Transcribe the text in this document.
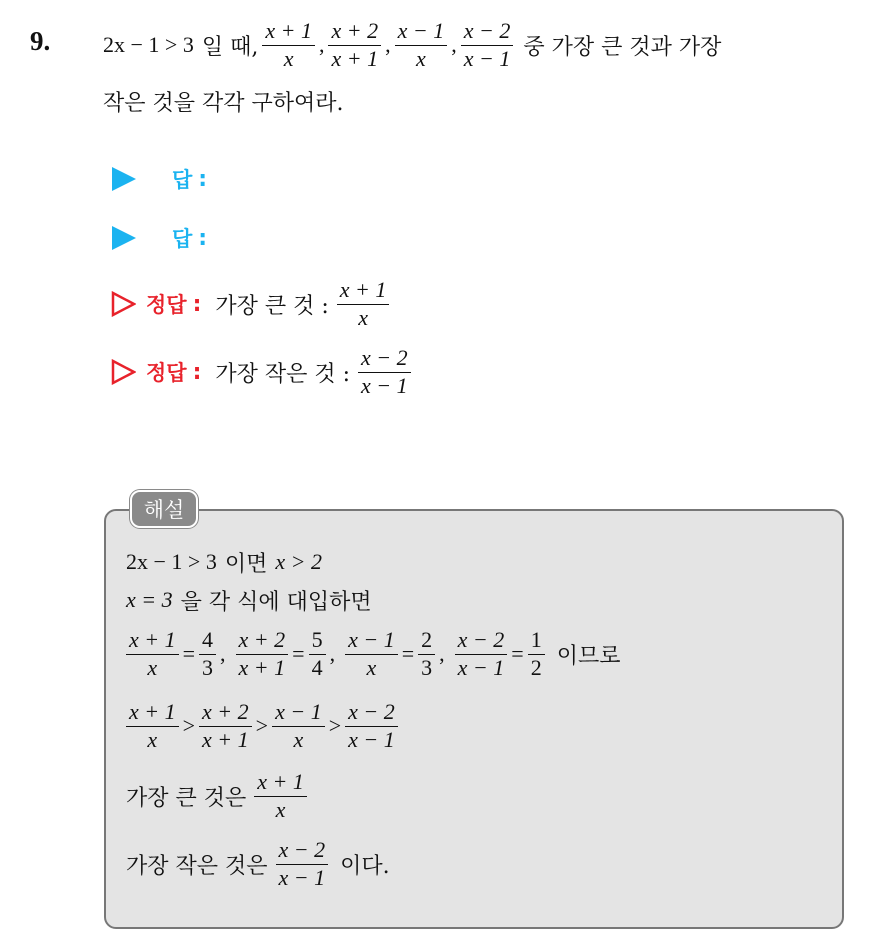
9. 2x − 1 > 3 일 때, $\frac{x + 1}{x}$ , $\frac{x + 2}{x + 1}$ , $\frac{x - 1}{x}$ , $\frac{x - 2}{x - 1}$ 중 가장 큰 것과 가장
작은 것을 각각 구하여라.
답 :
답 :
정답 : 가장 큰 것 : $\frac{x + 1}{x}$
정답 : 가장 작은 것 : $\frac{x - 2}{x - 1}$
해설
2x − 1 > 3 이면 x > 2
x = 3 을 각 식에 대입하면
$\frac{x + 1}{x} = \frac{4}{3}$ , $\frac{x + 2}{x + 1} = \frac{5}{4}$ , $\frac{x - 1}{x} = \frac{2}{3}$ , $\frac{x - 2}{x - 1} = \frac{1}{2}$ 이므로
$\frac{x + 1}{x} > \frac{x + 2}{x + 1} > \frac{x - 1}{x} > \frac{x - 2}{x - 1}$
가장 큰 것은 $\frac{x + 1}{x}$
가장 작은 것은 $\frac{x - 2}{x - 1}$ 이다.
